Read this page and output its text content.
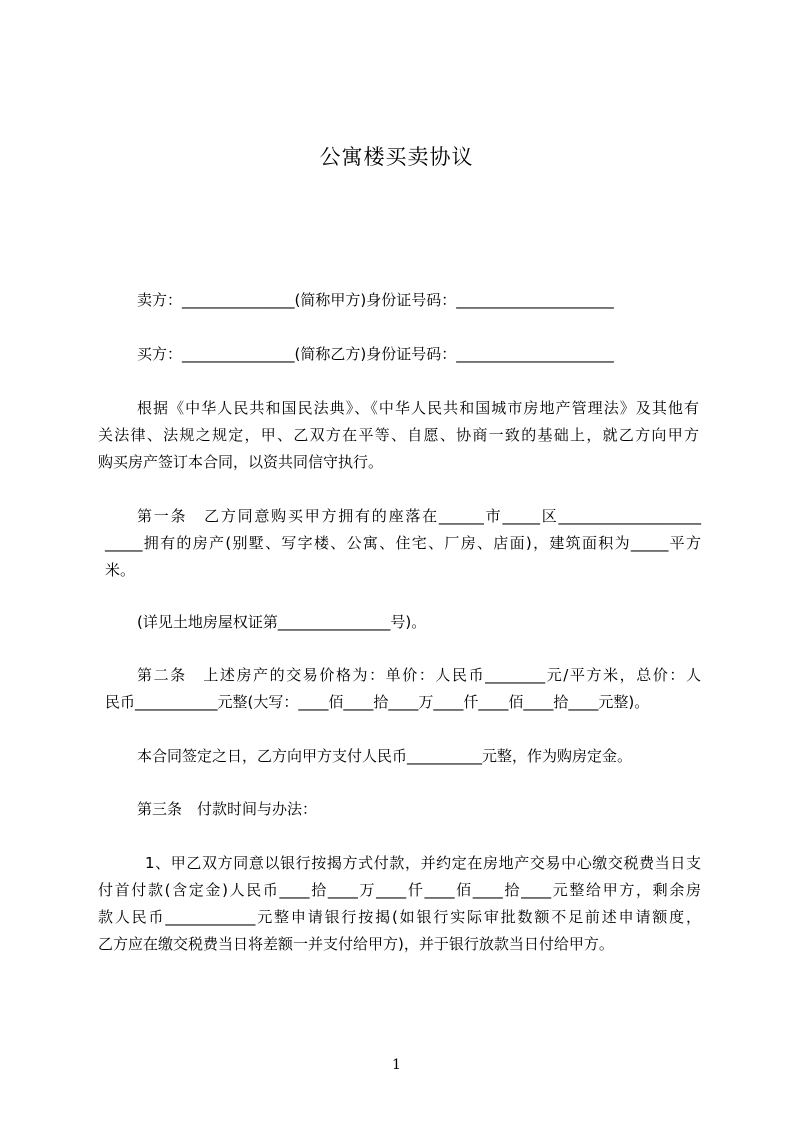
公寓楼买卖协议
卖方：_______________(简称甲方)身份证号码：_____________________
买方：_______________(简称乙方)身份证号码：_____________________
根据《中华人民共和国民法典》、《中华人民共和国城市房地产管理法》及其他有
关法律、法规之规定，甲、乙双方在平等、自愿、协商一致的基础上，就乙方向甲方
购买房产签订本合同，以资共同信守执行。
第一条　乙方同意购买甲方拥有的座落在______市_____区___________________
_____拥有的房产(别墅、写字楼、公寓、住宅、厂房、店面)，建筑面积为_____平方
米。
(详见土地房屋权证第_______________号)。
第二条　上述房产的交易价格为：单价：人民币________元/平方米，总价：人
民币___________元整(大写：____佰____拾____万____仟____佰____拾____元整)。
本合同签定之日，乙方向甲方支付人民币__________元整，作为购房定金。
第三条　付款时间与办法：
1、甲乙双方同意以银行按揭方式付款，并约定在房地产交易中心缴交税费当日支
付首付款(含定金)人民币____拾____万____仟____佰____拾____元整给甲方，剩余房
款人民币____________元整申请银行按揭(如银行实际审批数额不足前述申请额度，
乙方应在缴交税费当日将差额一并支付给甲方)，并于银行放款当日付给甲方。
1
